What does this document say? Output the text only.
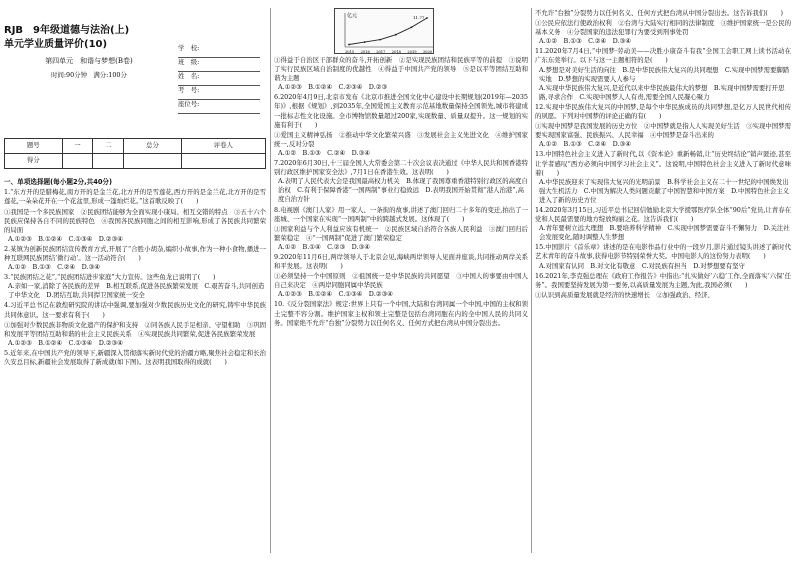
RJB　9年级道德与法治(上)
单元学业质量评价(10)
第四单元　和谐与梦想(B卷)
时间:90分钟　满分:100分
学　校:
班　级:
姓　名:
考　号:
座位号:
题号	一	二	总分	评卷人
得分				
一、单项选择题(每小题2分,共40分)
1.“东方开的是腊梅花,南方开的是金兰花,北方开的是雪莲花,西方开的是金兰花,北方开的是雪莲花,一朵朵花开在一个花盆里,形成一篷灿烂花。”这首歌反映了(　　)
①我国是一个多民族国家　②民族团结能够为全面实现小康局、相互交错的特点　③五十六个民族应保持各自不同的民族特色　④我国各民族同胞之间的相互影响,形成了各民族共同繁荣的局面
A.①②③　B.①②④　C.①③④　D.②③④
2.某镇为创新民族团结宣传教育方式,开展了“合胜小胡杂,编织小故事,作为一种小食物,播进一种互联网民族团结‘微行动’。这一活动符合(　　)
A.①②　B.①③　C.②④　D.③④
3.“民族团结之花”,“民族团结进步家庭”大力宣传。这些鱼龙已说明了(　　)
A.亲如一家,消除了各民族的差异　B.相互联系,促进各民族繁荣发展　C.艰苦奋斗,共同创造了中华文化　D.团结互助,共同捍卫国家统一安全
4.习近平总书记在敦煌研究院的讲话中强调,要加强对少数民族历史文化的研究,铸牢中华民族共同体意识。这一要求有利于(　　)
①加强对少数民族非物质文化遗产的保护和支持　②同各族人民手足相亲、守望相助　③巩固和发展平等团结互助和谐的社会主义民族关系　④实现民族共同繁荣,促进各民族繁荣发展
A.①②③　B.①②④　C.①③④　D.②③④
5.近年来,在中国共产党的领导下,新疆深入贯彻落实新时代党的治疆方略,聚焦社会稳定和长治久安总目标,新疆社会发展取得了新成就(如下图)。这表明我国取得的成就(　　)
亿元
2015 2016 2017 2018 2019 2020
11.77
①得益于自治区干部群众的奋斗,开拓创新　②是实现民族团结和民族平等的前提　③说明了实行民族区域自治制度的优越性　④得益于中国共产党的领导　⑤是以平等团结互助和谐为主题
A.①②③　B.①②④　C.②③④　D.②③
6.2020年4月9日,北京市发布《北京市推进全国文化中心建设中长期规划(2019年—2035年)》,根据《规划》,到2035年,全国爱国主义教育示范基地数量保持全国领先,城市将建成一批标志性文化设施。全市博物馆数量超过200家,实现数量、质量双提升。这一规划的实施有利于(　　)
①爱国主义精神弘扬　②推动中华文化繁荣兴盛　③发展社会主义先进文化　④维护国家统一,反对分裂
A.①②　B.①③　C.②④　D.③④
7.2020年6月30日,十三届全国人大常委会第二十次会议表决通过《中华人民共和国香港特别行政区维护国家安全法》,7月1日在香港生效。这表明(　　)
A.表明了人民代表大会是我国最高权力机关　B.体现了我国尊重香港特别行政区的高度自治权　C.有利于保障香港“一国两制”事业行稳致远　D.表明我国开始贯彻“港人治港”,高度自治方针
8.电视剧《澳门人家》用一家人、一条街的故事,讲述了澳门回归二十多年的变迁,拍出了一座城、一个国家在实现“一国两制”中的跨越式发展。这体现了(　　)
①国家利益与个人利益应该有机统一　②民族区域自治符合各族人民利益　③澳门回归后繁荣稳定　④“一国两制”促进了澳门繁荣稳定
A.①②　B.①④　C.②③　D.③④
9.2020年11月6日,两岸领导人于北京会见,海峡两岸领导人见面并座谈,共同推动两岸关系和平发展。这表明(　　)
①必须坚持一个中国原则　②祖国统一是中华民族的共同愿望　③中国人的事要由中国人自己来决定　④两岸同胞同属中华民族
A.①②③　B.①②④　C.①③④　D.②③④
10.《反分裂国家法》规定:世界上只有一个中国,大陆和台湾同属一个中国,中国的主权和领土完整不容分割。维护国家主权和领土完整是包括台湾同胞在内的全中国人民的共同义务。国家绝不允许“台独”分裂势力以任何名义、任何方式把台湾从中国分裂出去。
不允许“台独”分裂势力以任何名义、任何方式把台湾从中国分裂出去。这告诉我们(　　)
①公民应依法行使政治权利　②台湾与大陆实行相同的法律制度　③维护国家统一是公民的基本义务　④分裂国家的违法犯罪行为要受到刑事处罚
A.①②　B.①③　C.②④　D.③④
11.2020年7月4日,“中国梦·劳动美——决胜小康奋斗有我”全国工会职工网上读书活动在广东东莞举行。以下与这一主题相符的是(　　)
A.梦想是对美好生活的向往　B.是中华民族伟大复兴的共同理想　C.实现中国梦需要脚踏实地　D.梦想的实现需要人人参与
A.实现中华民族伟大复兴,是近代以来中华民族最伟大的梦想　B.实现中国梦需要打开思路,寻求合作　C.实现中国梦人人有责,需要全国人民凝心聚力
12.实现中华民族伟大复兴的中国梦,是每个中华民族成员的共同梦想,是亿万人民世代相传的夙愿。下列对中国梦的评论正确的有(　　)
①实现中国梦是我国发展的历史方位　②中国梦就是指人人实现美好生活　③实现中国梦需要实现国家富强、民族振兴、人民幸福　④中国梦是奋斗出来的
A.①②　B.①③　C.②④　D.③④
13.中国特色社会主义进入了新时代,以《资本论》重新畅销,让“历史终结论”销声匿迹,甚至让学者感叹“西方必须向中国学习社会主义”。这说明,中国特色社会主义进入了新时代意味着(　　)
A.中华民族迎来了实现伟大复兴的光明前景　B.科学社会主义在二十一世纪的中国焕发出强大生机活力　C.中国为解决人类问题贡献了中国智慧和中国方案　D.中国特色社会主义进入了新的历史方位
14.2020年3月15日,习近平总书记回信勉励北京大学援鄂医疗队全体“90后”党员,让青春在党和人民最需要的地方绽放绚丽之花。这告诉我们(　　)
A.青年要树立远大理想　B.要培养科学精神　C.实现中国梦需要奋斗不懈努力　D.关注社会发展变化,随时调整人生梦想
15.中国影片《首乐章》讲述的是在电影作品行业中的一段岁月,影片通过镜头讲述了新时代艺术青年的奋斗故事,获得电影节特别荣誉大奖。中国电影人的这份努力表明(　　)
A.对国家有认同　B.对文化有敬意　C.对民族有担当　D.对梦想要有坚守
16.2021年,李克强总理在《政府工作报告》中指出:“扎实做好‘六稳’工作,全面落实‘六保’任务”。我国要坚持发展为第一要务,以高质量发展为主题,为此,我国必须(　　)
①认识到高质量发展就是经济的快速增长　②加强政治、经济、
